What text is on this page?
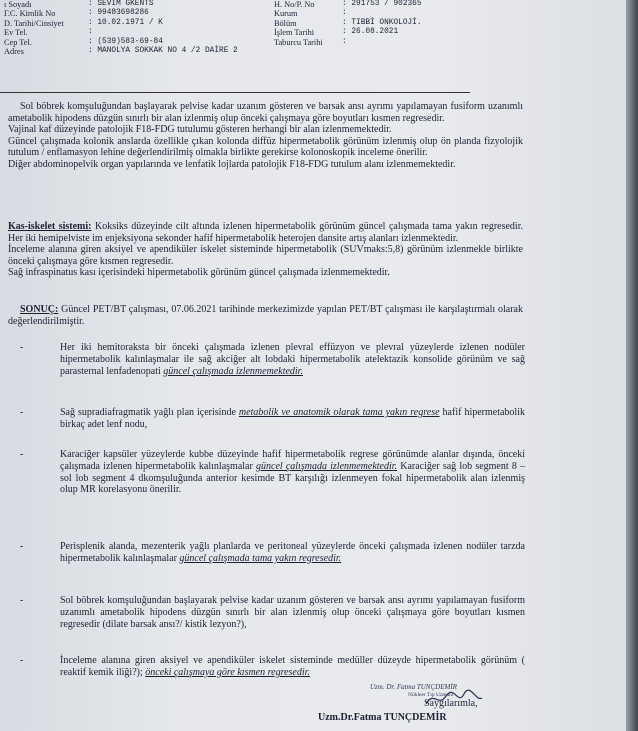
ı Soyadı	: SEVIM GKENTS	H. No/P. No	: 291753 / 902365
Г.С. Kimlik No	: 99483698286	Kurum	:
D. Tarihi/Cinsiyet	: 10.02.1971 / K	Bölüm	: TIBBİ ONKOLOJİ.
Ev Tel.	:	İşlem Tarihi	: 26.08.2021
Cep Tel.	: (539)583-69-84	Taburcu Tarihi	:
Adres	: MANOLYA SOKKAK NO 4 /2 DAİRE 2

Sol böbrek komşuluğundan başlayarak pelvise kadar uzanım gösteren ve barsak ansı ayrımı yapılamayan fusiform uzanımlı ametabolik hipodens düzgün sınırlı bir alan izlenmiş olup önceki çalışmaya göre boyutları kısmen regresedir.

Vajinal kaf düzeyinde patolojik F18-FDG tutulumu gösteren herhangi bir alan izlenmemektedir.

Güncel çalışmada kolonik anslarda özellikle çıkan kolonda diffüz hipermetabolik görünüm izlenmiş olup ön planda fizyolojik tutulum / enflamasyon lehine değerlendirilmiş olmakla birlikte gerekirse kolonoskopik inceleme önerilir.

Diğer abdominopelvik organ yapılarında ve lenfatik lojlarda patolojik F18-FDG tutulum alanı izlenmemektedir.

Kas-iskelet sistemi: Koksiks düzeyinde cilt altında izlenen hipermetabolik görünüm güncel çalışmada tama yakın regresedir. Her iki hemipelviste im enjeksiyona sekonder hafif hipermetabolik heterojen dansite artış alanları izlenmektedir.

İnceleme alanına giren aksiyel ve apendiküler iskelet sisteminde hipermetabolik (SUVmaks:5,8) görünüm izlenmekle birlikte önceki çalışmaya göre kısmen regresedir.

Sağ infraspinatus kası içerisindeki hipermetabolik görünüm güncel çalışmada izlenmemektedir.

SONUÇ: Güncel PET/BT çalışması, 07.06.2021 tarihinde merkezimizde yapılan PET/BT çalışması ile karşılaştırmalı olarak değerlendirilmiştir.

-	Her iki hemitoraksta bir önceki çalışmada izlenen plevral effüzyon ve plevral yüzeylerde izlenen nodüler hipermetabolik kalınlaşmalar ile sağ akciğer alt lobdaki hipermetabolik atelektazik konsolide görünüm ve sağ parasternal lenfadenopati güncel çalışmada izlenmemektedir.
-	Sağ supradiafragmatik yağlı plan içerisinde metabolik ve anatomik olarak tama yakın regrese hafif hipermetabolik birkaç adet lenf nodu,
-	Karaciğer kapsüler yüzeylerde kubbe düzeyinde hafif hipermetabolik regrese görünümde alanlar dışında, önceki çalışmada izlenen hipermetabolik kalınlaşmalar güncel çalışmada izlenmemektedir. Karaciğer sağ lob segment 8 – sol lob segment 4 dkomşuluğunda anterior kesimde BT karşılığı izlenmeyen fokal hipermetabolik alan izlenmiş olup MR korelasyonu önerilir.
-	Perisplenik alanda, mezenterik yağlı planlarda ve peritoneal yüzeylerde önceki çalışmada izlenen nodüler tarzda hipermetabolik kalınlaşmalar güncel çalışmada tama yakın regresedir.
-	Sol böbrek komşuluğundan başlayarak pelvise kadar uzanım gösteren ve barsak ansı ayrımı yapılamayan fusiform uzanımlı ametabolik hipodens düzgün sınırlı bir alan izlenmiş olup önceki çalışmaya göre boyutları kısmen regresedir (dilate barsak ansı?/ kistik lezyon?),
-	İnceleme alanına giren aksiyel ve apendiküler iskelet sisteminde medüller düzeyde hipermetabolik görünüm ( reaktif kemik iliği?); önceki çalışmaya göre kısmen regresedir.
Uzm. Dr. Fatma TUNÇDEMİR
Nükleer Tıp Uzmanı
Saygılarımla,
Uzm.Dr.Fatma TUNÇDEMİR
